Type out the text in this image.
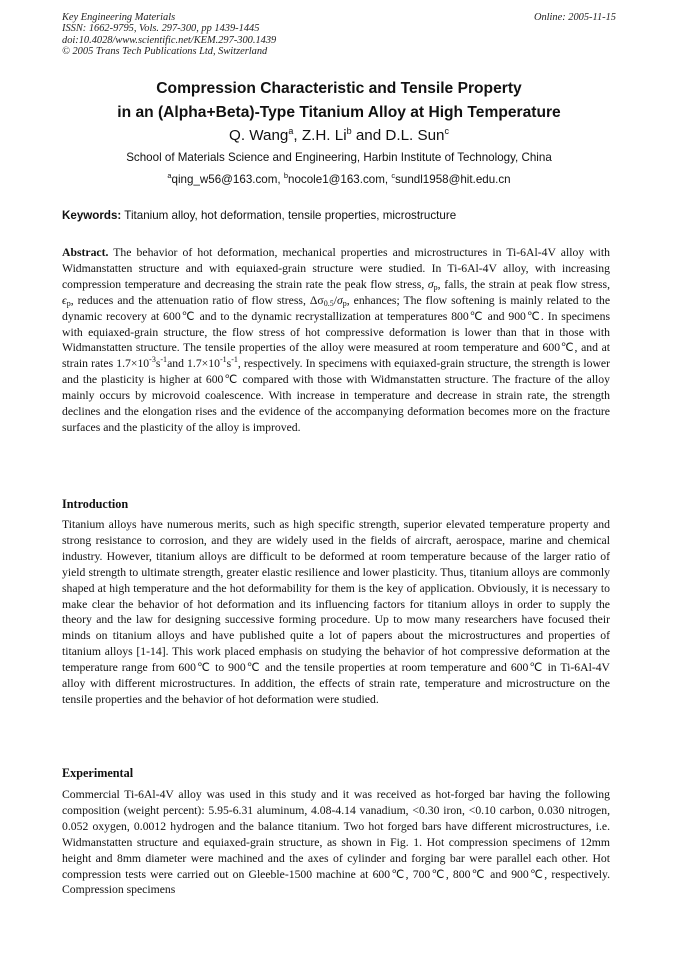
Key Engineering Materials
ISSN: 1662-9795, Vols. 297-300, pp 1439-1445
doi:10.4028/www.scientific.net/KEM.297-300.1439
© 2005 Trans Tech Publications Ltd, Switzerland
Online: 2005-11-15
Compression Characteristic and Tensile Property
in an (Alpha+Beta)-Type Titanium Alloy at High Temperature
Q. Wang$^a$, Z.H. Li$^b$ and D.L. Sun$^c$
School of Materials Science and Engineering, Harbin Institute of Technology, China
$^a$qing_w56@163.com, $^b$nocole1@163.com, $^c$sundl1958@hit.edu.cn
Keywords: Titanium alloy, hot deformation, tensile properties, microstructure

Abstract. The behavior of hot deformation, mechanical properties and microstructures in Ti-6Al-4V alloy with Widmanstatten structure and with equiaxed-grain structure were studied. In Ti-6Al-4V alloy, with increasing compression temperature and decreasing the strain rate the peak flow stress, $\sigma_p$, falls, the strain at peak flow stress, $\epsilon_p$, reduces and the attenuation ratio of flow stress, $\Delta\sigma_{0.5}/\sigma_p$, enhances; The flow softening is mainly related to the dynamic recovery at 600℃ and to the dynamic recrystallization at temperatures 800℃ and 900℃. In specimens with equiaxed-grain structure, the flow stress of hot compressive deformation is lower than that in those with Widmanstatten structure. The tensile properties of the alloy were measured at room temperature and 600℃, and at strain rates $1.7\times 10^{-3}s^{-1}and$ $1.7\times 10^{-1}s^{-1}$, respectively. In specimens with equiaxed-grain structure, the strength is lower and the plasticity is higher at 600℃ compared with those with Widmanstatten structure. The fracture of the alloy mainly occurs by microvoid coalescence. With increase in temperature and decrease in strain rate, the strength declines and the elongation rises and the evidence of the accompanying deformation becomes more on the fracture surfaces and the plasticity of the alloy is improved.

Introduction

Titanium alloys have numerous merits, such as high specific strength, superior elevated temperature property and strong resistance to corrosion, and they are widely used in the fields of aircraft, aerospace, marine and chemical industry. However, titanium alloys are difficult to be deformed at room temperature because of the larger ratio of yield strength to ultimate strength, greater elastic resilience and lower plasticity. Thus, titanium alloys are commonly shaped at high temperature and the hot deformability for them is the key of application. Obviously, it is necessary to make clear the behavior of hot deformation and its influencing factors for titanium alloys in order to supply the theory and the law for designing successive forming procedure. Up to mow many researchers have focused their minds on titanium alloys and have published quite a lot of papers about the microstructures and properties of titanium alloys [1-14]. This work placed emphasis on studying the behavior of hot compressive deformation at the temperature range from 600℃ to 900℃ and the tensile properties at room temperature and 600℃ in Ti-6Al-4V alloy with different microstructures. In addition, the effects of strain rate, temperature and microstructure on the tensile properties and the behavior of hot deformation were studied.

Experimental

Commercial Ti-6Al-4V alloy was used in this study and it was received as hot-forged bar having the following composition (weight percent): 5.95-6.31 aluminum, 4.08-4.14 vanadium, <0.30 iron, <0.10 carbon, 0.030 nitrogen, 0.052 oxygen, 0.0012 hydrogen and the balance titanium. Two hot forged bars have different microstructures, i.e. Widmanstatten structure and equiaxed-grain structure, as shown in Fig. 1. Hot compression specimens of 12mm height and 8mm diameter were machined and the axes of cylinder and forging bar were parallel each other. Hot compression tests were carried out on Gleeble-1500 machine at 600℃, 700℃, 800℃ and 900℃, respectively. Compression specimens
